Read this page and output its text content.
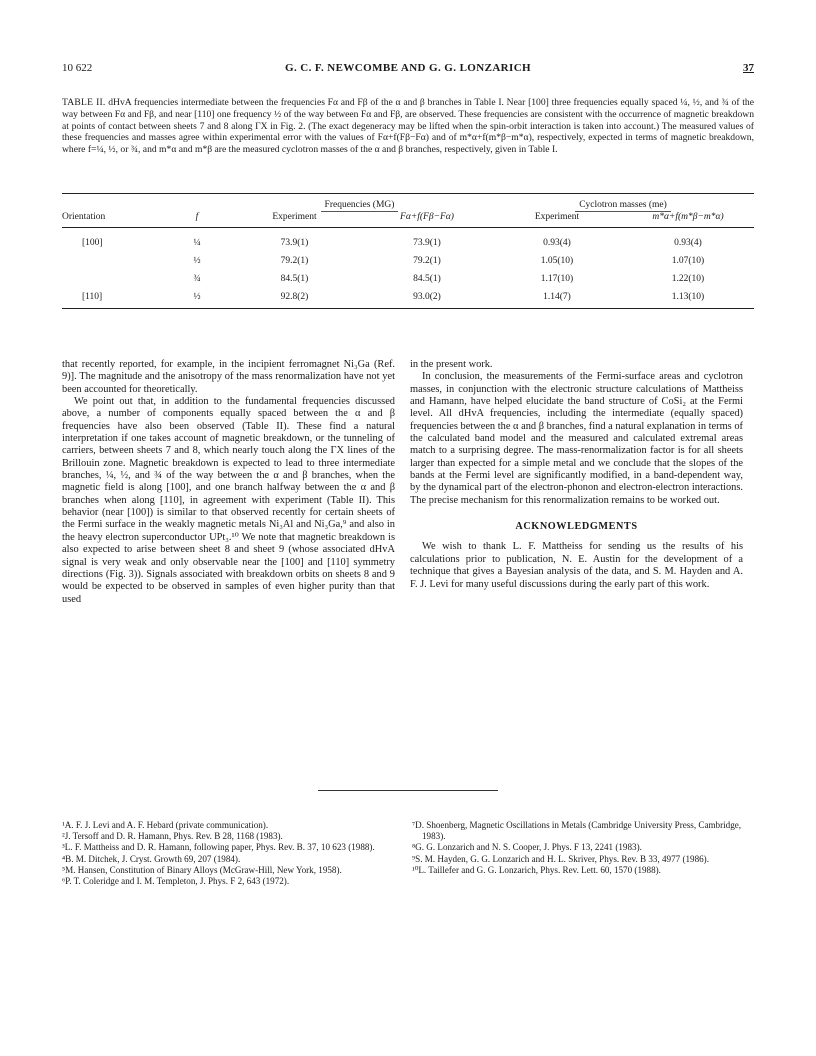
10 622	G. C. F. NEWCOMBE AND G. G. LONZARICH	37
TABLE II. dHvA frequencies intermediate between the frequencies Fα and Fβ of the α and β branches in Table I. Near [100] three frequencies equally spaced ¼, ½, and ¾ of the way between Fα and Fβ, and near [110] one frequency ½ of the way between Fα and Fβ, are observed. These frequencies are consistent with the occurrence of magnetic breakdown at points of contact between sheets 7 and 8 along ΓX in Fig. 2. (The exact degeneracy may be lifted when the spin-orbit interaction is taken into account.) The measured values of these frequencies and masses agree within experimental error with the values of Fα+f(Fβ−Fα) and of m*α+f(m*β−m*α), respectively, expected in terms of magnetic breakdown, where f=¼, ½, or ¾, and m*α and m*β are the measured cyclotron masses of the α and β branches, respectively, given in Table I.
		Frequencies (MG)		Cyclotron masses (me)	
Orientation	f	Experiment	Fα+f(Fβ−Fα)	Experiment	m*α+f(m*β−m*α)
[100]	¼	73.9(1)	73.9(1)	0.93(4)	0.93(4)
	½	79.2(1)	79.2(1)	1.05(10)	1.07(10)
	¾	84.5(1)	84.5(1)	1.17(10)	1.22(10)
[110]	½	92.8(2)	93.0(2)	1.14(7)	1.13(10)

that recently reported, for example, in the incipient ferromagnet Ni₃Ga (Ref. 9)]. The magnitude and the anisotropy of the mass renormalization have not yet been accounted for theoretically.

We point out that, in addition to the fundamental frequencies discussed above, a number of components equally spaced between the α and β frequencies have also been observed (Table II). These find a natural interpretation if one takes account of magnetic breakdown, or the tunneling of carriers, between sheets 7 and 8, which nearly touch along the ΓX lines of the Brillouin zone. Magnetic breakdown is expected to lead to three intermediate branches, ¼, ½, and ¾ of the way between the α and β branches, when the magnetic field is along [100], and one branch halfway between the α and β branches when along [110], in agreement with experiment (Table II). This behavior (near [100]) is similar to that observed recently for certain sheets of the Fermi surface in the weakly magnetic metals Ni₃Al and Ni₃Ga,⁹ and also in the heavy electron superconductor UPt₃.¹⁰ We note that magnetic breakdown is also expected to arise between sheet 8 and sheet 9 (whose associated dHvA signal is very weak and only observable near the [100] and [110] symmetry directions (Fig. 3)). Signals associated with breakdown orbits on sheets 8 and 9 would be expected to be observed in samples of even higher purity than that used

in the present work.

In conclusion, the measurements of the Fermi-surface areas and cyclotron masses, in conjunction with the electronic structure calculations of Mattheiss and Hamann, have helped elucidate the band structure of CoSi₂ at the Fermi level. All dHvA frequencies, including the intermediate (equally spaced) frequencies between the α and β branches, find a natural explanation in terms of the calculated band model and the measured and calculated extremal areas match to a surprising degree. The mass-renormalization factor is for all sheets larger than expected for a simple metal and we conclude that the slopes of the bands at the Fermi level are significantly modified, in a band-dependent way, by the dynamical part of the electron-phonon and electron-electron interactions. The precise mechanism for this renormalization remains to be worked out.

ACKNOWLEDGMENTS

We wish to thank L. F. Mattheiss for sending us the results of his calculations prior to publication, N. E. Austin for the development of a technique that gives a Bayesian analysis of the data, and S. M. Hayden and A. F. J. Levi for many useful discussions during the early part of this work.

¹A. F. J. Levi and A. F. Hebard (private communication).
²J. Tersoff and D. R. Hamann, Phys. Rev. B 28, 1168 (1983).
³L. F. Mattheiss and D. R. Hamann, following paper, Phys. Rev. B. 37, 10 623 (1988).
⁴B. M. Ditchek, J. Cryst. Growth 69, 207 (1984).
⁵M. Hansen, Constitution of Binary Alloys (McGraw-Hill, New York, 1958).
⁶P. T. Coleridge and I. M. Templeton, J. Phys. F 2, 643 (1972).
⁷D. Shoenberg, Magnetic Oscillations in Metals (Cambridge University Press, Cambridge, 1983).
⁸G. G. Lonzarich and N. S. Cooper, J. Phys. F 13, 2241 (1983).
⁹S. M. Hayden, G. G. Lonzarich and H. L. Skriver, Phys. Rev. B 33, 4977 (1986).
¹⁰L. Taillefer and G. G. Lonzarich, Phys. Rev. Lett. 60, 1570 (1988).
